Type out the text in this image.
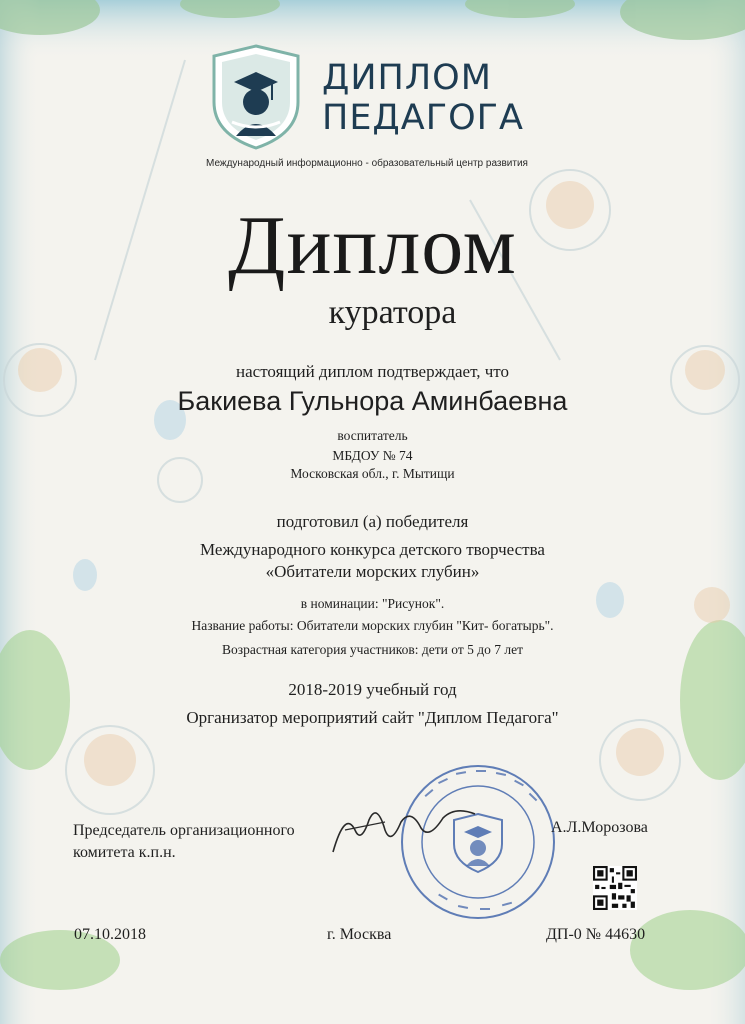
ДИПЛОМ
ПЕДАГОГА
Международный информационно - образовательный центр развития
Диплом
куратора
настоящий диплом подтверждает, что
Бакиева Гульнора Аминбаевна
воспитатель
МБДОУ № 74
Московская обл., г. Мытищи
подготовил (а) победителя
Международного конкурса детского творчества
«Обитатели морских глубин»
в номинации: "Рисунок".
Название работы: Обитатели морских глубин "Кит- богатырь".
Возрастная категория участников: дети от 5 до 7 лет
2018-2019 учебный год
Организатор мероприятий сайт "Диплом Педагога"
Председатель организационного
комитета к.п.н.
А.Л.Морозова
07.10.2018	г. Москва	ДП-0 № 44630
